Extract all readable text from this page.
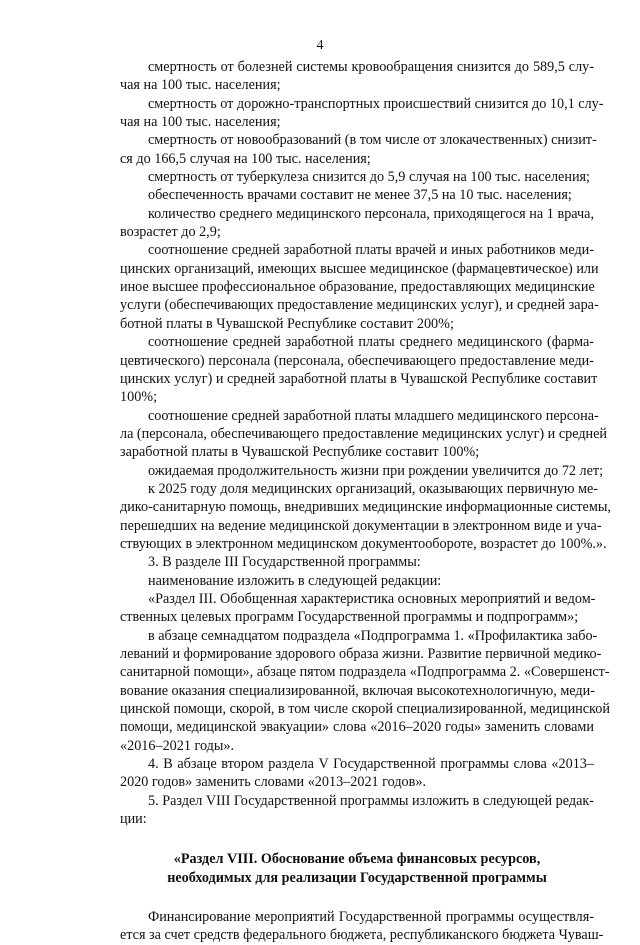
4
смертность от болезней системы кровообращения снизится до 589,5 слу-
чая на 100 тыс. населения;
смертность от дорожно-транспортных происшествий снизится до 10,1 слу-
чая на 100 тыс. населения;
смертность от новообразований (в том числе от злокачественных) снизит-
ся до 166,5 случая на 100 тыс. населения;
смертность от туберкулеза снизится до 5,9 случая на 100 тыс. населения;
обеспеченность врачами составит не менее 37,5 на 10 тыс. населения;
количество среднего медицинского персонала, приходящегося на 1 врача,
возрастет до 2,9;
соотношение средней заработной платы врачей и иных работников меди-
цинских организаций, имеющих высшее медицинское (фармацевтическое) или
иное высшее профессиональное образование, предоставляющих медицинские
услуги (обеспечивающих предоставление медицинских услуг), и средней зара-
ботной платы в Чувашской Республике составит 200%;
соотношение средней заработной платы среднего медицинского (фарма-
цевтического) персонала (персонала, обеспечивающего предоставление меди-
цинских услуг) и средней заработной платы в Чувашской Республике составит
100%;
соотношение средней заработной платы младшего медицинского персона-
ла (персонала, обеспечивающего предоставление медицинских услуг) и средней
заработной платы в Чувашской Республике составит 100%;
ожидаемая продолжительность жизни при рождении увеличится до 72 лет;
к 2025 году доля медицинских организаций, оказывающих первичную ме-
дико-санитарную помощь, внедривших медицинские информационные системы,
перешедших на ведение медицинской документации в электронном виде и уча-
ствующих в электронном медицинском документообороте, возрастет до 100%.».
3. В разделе III Государственной программы:
наименование изложить в следующей редакции:
«Раздел III. Обобщенная характеристика основных мероприятий и ведом-
ственных целевых программ Государственной программы и подпрограмм»;
в абзаце семнадцатом подраздела «Подпрограмма 1. «Профилактика забо-
леваний и формирование здорового образа жизни. Развитие первичной медико-
санитарной помощи», абзаце пятом подраздела «Подпрограмма 2. «Совершенст-
вование оказания специализированной, включая высокотехнологичную, меди-
цинской помощи, скорой, в том числе скорой специализированной, медицинской
помощи, медицинской эвакуации» слова «2016–2020 годы» заменить словами
«2016–2021 годы».
4. В абзаце втором раздела V Государственной программы слова «2013–
2020 годов» заменить словами «2013–2021 годов».
5. Раздел VIII Государственной программы изложить в следующей редак-
ции:
«Раздел VIII. Обоснование объема финансовых ресурсов,
необходимых для реализации Государственной программы
Финансирование мероприятий Государственной программы осуществля-
ется за счет средств федерального бюджета, республиканского бюджета Чуваш-
